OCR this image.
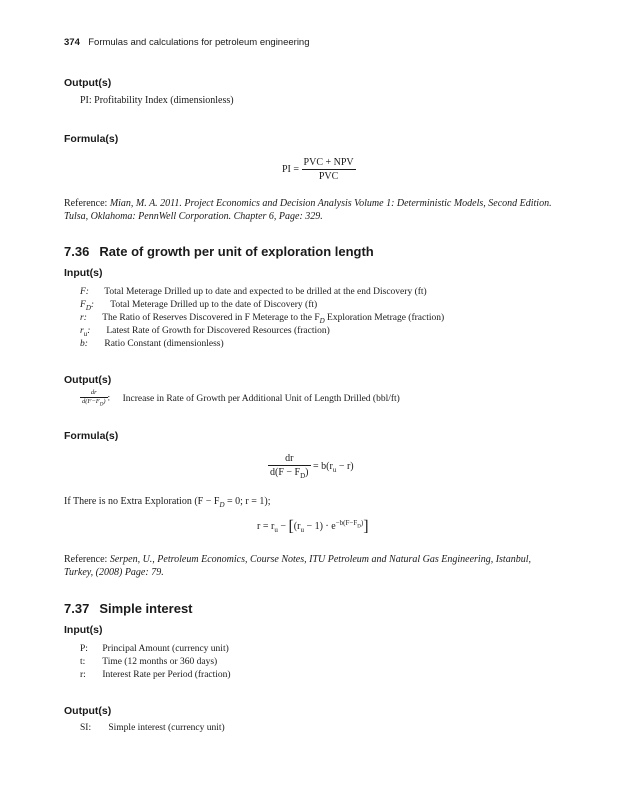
374 Formulas and calculations for petroleum engineering
Output(s)
PI: Profitability Index (dimensionless)
Formula(s)
PI = $\frac{\text{PVC + NPV}}{\text{PVC}}$
Reference: Mian, M. A. 2011. Project Economics and Decision Analysis Volume 1: Deterministic Models, Second Edition.
Tulsa, Oklahoma: PennWell Corporation. Chapter 6, Page: 329.
7.36 Rate of growth per unit of exploration length
Input(s)
F: Total Meterage Drilled up to date and expected to be drilled at the end Discovery (ft)
$F_D$: Total Meterage Drilled up to the date of Discovery (ft)
r: The Ratio of Reserves Discovered in F Meterage to the $F_D$ Exploration Metrage (fraction)
$r_u$: Latest Rate of Growth for Discovered Resources (fraction)
b: Ratio Constant (dimensionless)
Output(s)
$\frac{dr}{d(F-F_D)}$ : Increase in Rate of Growth per Additional Unit of Length Drilled (bbl/ft)
Formula(s)
$\frac{dr}{d(F - F_D)} = b(r_u - r)$
If There is no Extra Exploration ($F - F_D = 0$; r = 1);
$r = r_u - [(r_u - 1) \cdot e^{-b(F-F_D)}]$
Reference: Serpen, U., Petroleum Economics, Course Notes, ITU Petroleum and Natural Gas Engineering, Istanbul,
Turkey, (2008) Page: 79.
7.37 Simple interest
Input(s)
P: Principal Amount (currency unit)
t: Time (12 months or 360 days)
r: Interest Rate per Period (fraction)
Output(s)
SI: Simple interest (currency unit)
